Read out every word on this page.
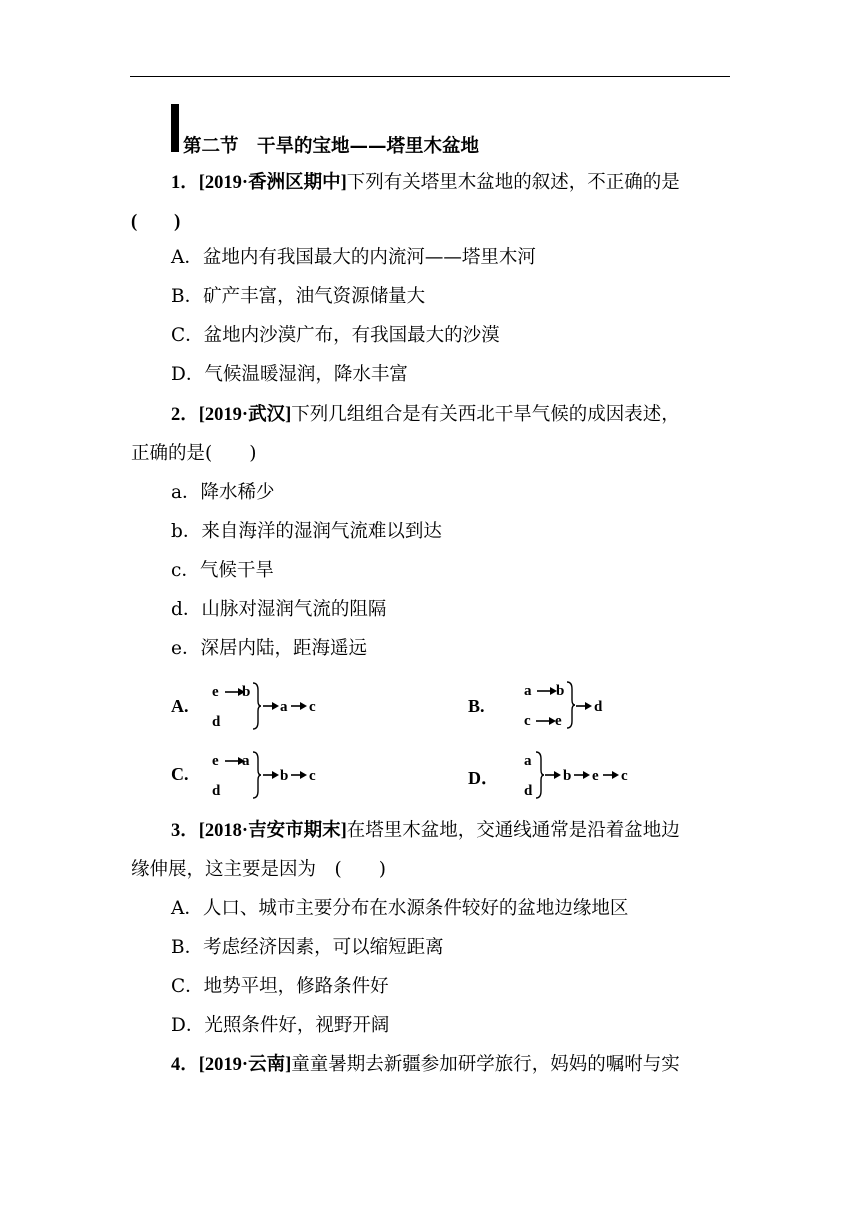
第二节　干旱的宝地——塔里木盆地
1．[2019·香洲区期中]下列有关塔里木盆地的叙述，不正确的是
(　　)
A．盆地内有我国最大的内流河——塔里木河
B．矿产丰富，油气资源储量大
C．盆地内沙漠广布，有我国最大的沙漠
D．气候温暖湿润，降水丰富
2．[2019·武汉]下列几组组合是有关西北干旱气候的成因表述，
正确的是(　　)
a．降水稀少
b．来自海洋的湿润气流难以到达
c．气候干旱
d．山脉对湿润气流的阻隔
e．深居内陆，距海遥远
A.
e b
d
a c	B.
a b
c e
d
C.
e a
d
b c	D．
a
d
b e c
3．[2018·吉安市期末]在塔里木盆地，交通线通常是沿着盆地边
缘伸展，这主要是因为　(　　)
A．人口、城市主要分布在水源条件较好的盆地边缘地区
B．考虑经济因素，可以缩短距离
C．地势平坦，修路条件好
D．光照条件好，视野开阔
4．[2019·云南]童童暑期去新疆参加研学旅行，妈妈的嘱咐与实
